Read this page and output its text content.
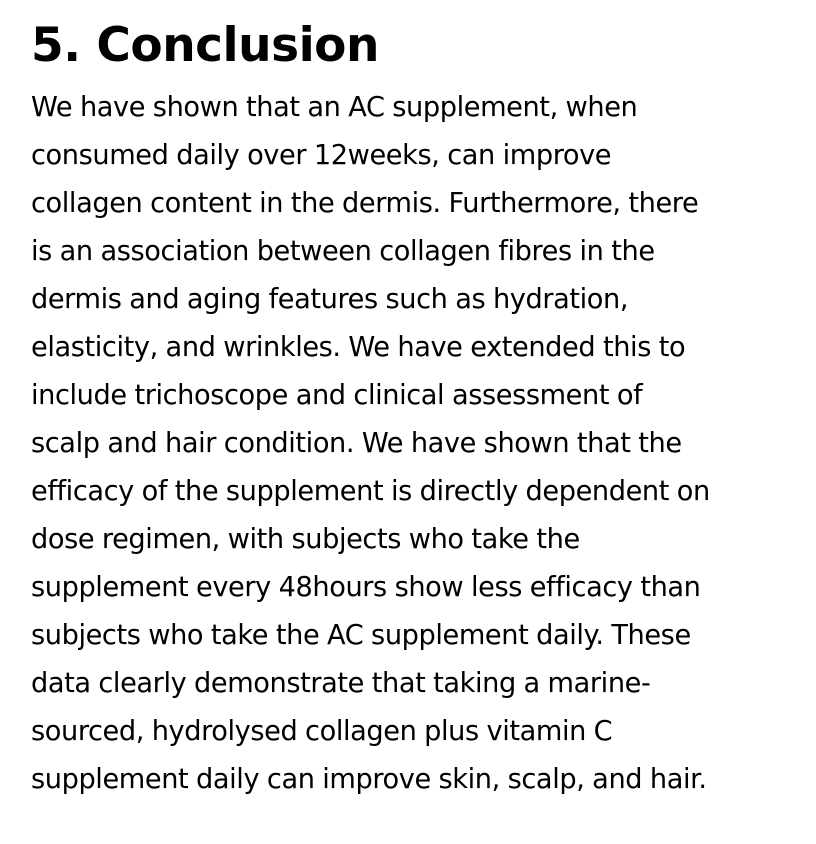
5. Conclusion

We have shown that an AC supplement, when
consumed daily over 12weeks, can improve
collagen content in the dermis. Furthermore, there
is an association between collagen fibres in the
dermis and aging features such as hydration,
elasticity, and wrinkles. We have extended this to
include trichoscope and clinical assessment of
scalp and hair condition. We have shown that the
efficacy of the supplement is directly dependent on
dose regimen, with subjects who take the
supplement every 48hours show less efficacy than
subjects who take the AC supplement daily. These
data clearly demonstrate that taking a marine-
sourced, hydrolysed collagen plus vitamin C
supplement daily can improve skin, scalp, and hair.
